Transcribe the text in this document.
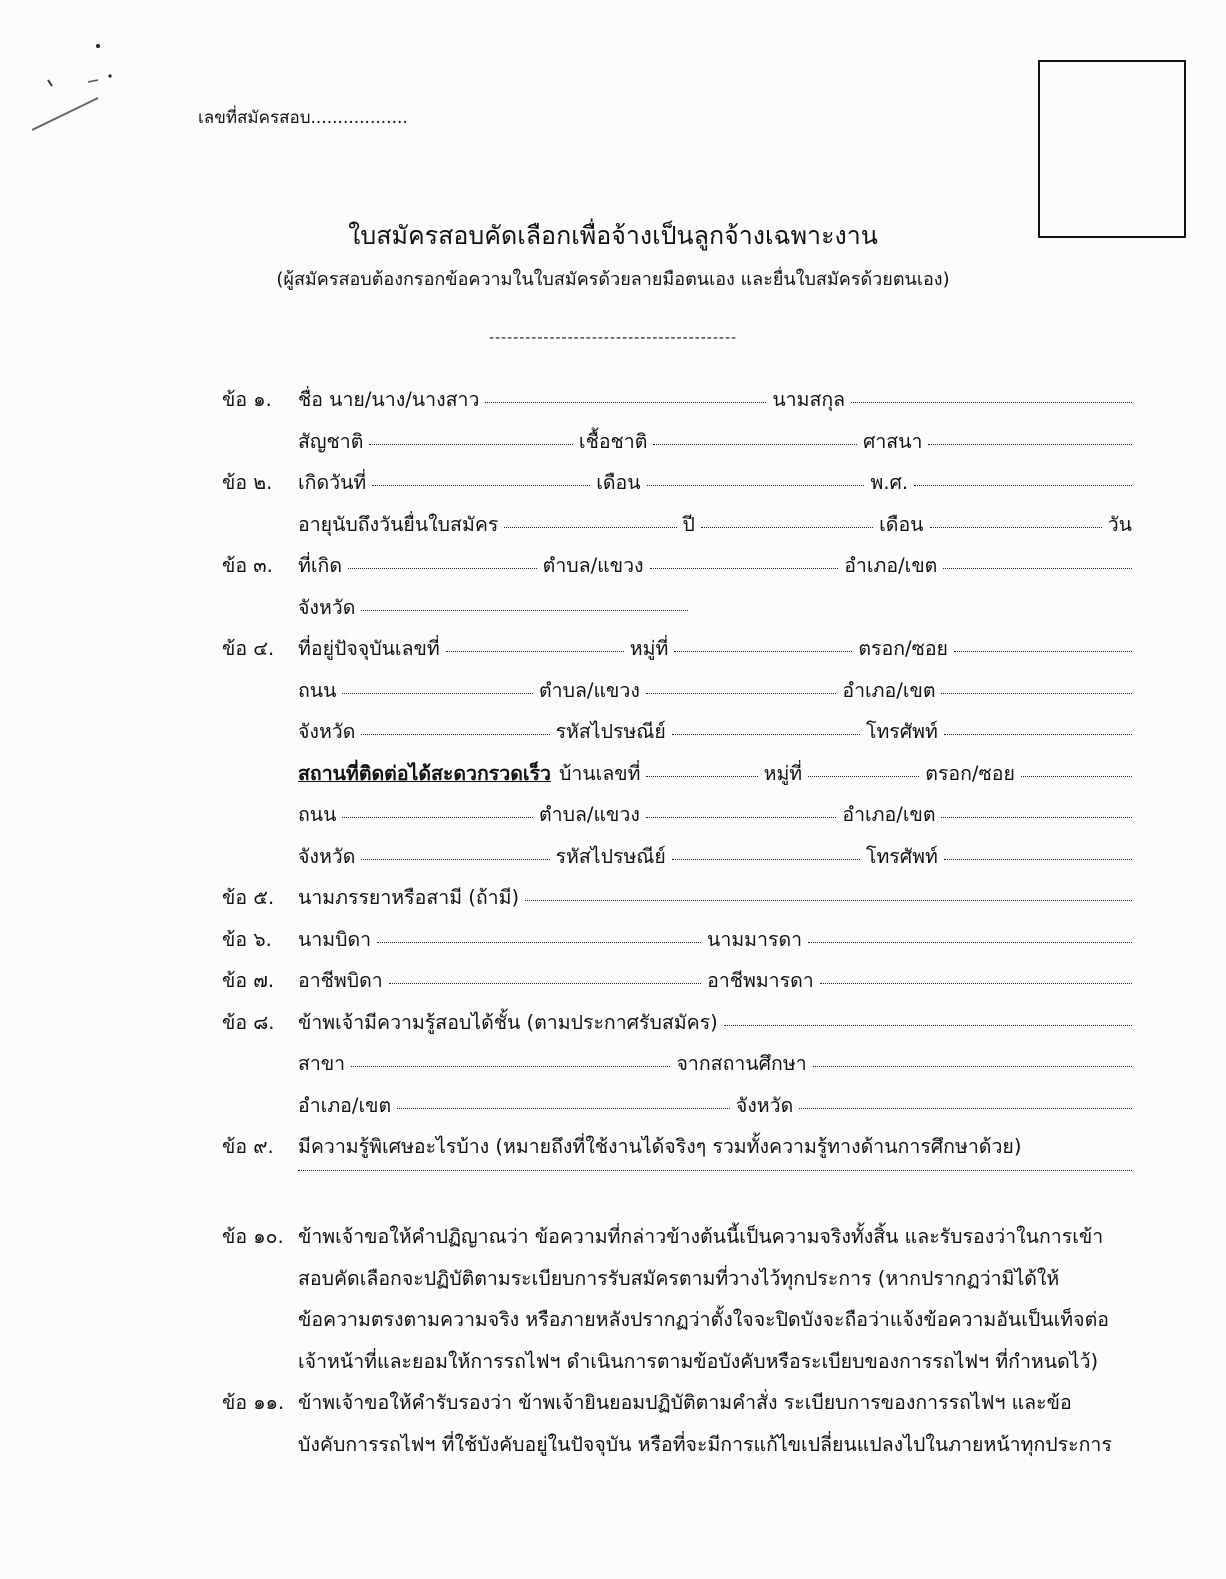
เลขที่สมัครสอบ..................
ใบสมัครสอบคัดเลือกเพื่อจ้างเป็นลูกจ้างเฉพาะงาน
(ผู้สมัครสอบต้องกรอกข้อความในใบสมัครด้วยลายมือตนเอง และยื่นใบสมัครด้วยตนเอง)
-----------------------------------------
ข้อ ๑.	ชื่อ นาย/นาง/นางสาว	นามสกุล
สัญชาติ	เชื้อชาติ	ศาสนา
ข้อ ๒.	เกิดวันที่	เดือน	พ.ศ.
อายุนับถึงวันยื่นใบสมัคร	ปี	เดือน	วัน
ข้อ ๓.	ที่เกิด	ตำบล/แขวง	อำเภอ/เขต
จังหวัด
ข้อ ๔.	ที่อยู่ปัจจุบันเลขที่	หมู่ที่	ตรอก/ซอย
ถนน	ตำบล/แขวง	อำเภอ/เขต
จังหวัด	รหัสไปรษณีย์	โทรศัพท์
สถานที่ติดต่อได้สะดวกรวดเร็ว บ้านเลขที่	หมู่ที่	ตรอก/ซอย
ถนน	ตำบล/แขวง	อำเภอ/เขต
จังหวัด	รหัสไปรษณีย์	โทรศัพท์
ข้อ ๕.	นามภรรยาหรือสามี (ถ้ามี)
ข้อ ๖.	นามบิดา	นามมารดา
ข้อ ๗.	อาชีพบิดา	อาชีพมารดา
ข้อ ๘.	ข้าพเจ้ามีความรู้สอบได้ชั้น (ตามประกาศรับสมัคร)
สาขา	จากสถานศึกษา
อำเภอ/เขต	จังหวัด
ข้อ ๙.	มีความรู้พิเศษอะไรบ้าง (หมายถึงที่ใช้งานได้จริงๆ รวมทั้งความรู้ทางด้านการศึกษาด้วย)
ข้อ ๑๐. ข้าพเจ้าขอให้คำปฏิญาณว่า ข้อความที่กล่าวข้างต้นนี้เป็นความจริงทั้งสิ้น และรับรองว่าในการเข้าสอบคัดเลือกจะปฏิบัติตามระเบียบการรับสมัครตามที่วางไว้ทุกประการ (หากปรากฏว่ามิได้ให้ข้อความตรงตามความจริง หรือภายหลังปรากฏว่าตั้งใจจะปิดบังจะถือว่าแจ้งข้อความอันเป็นเท็จต่อเจ้าหน้าที่และยอมให้การรถไฟฯ ดำเนินการตามข้อบังคับหรือระเบียบของการรถไฟฯ ที่กำหนดไว้)
ข้อ ๑๑. ข้าพเจ้าขอให้คำรับรองว่า ข้าพเจ้ายินยอมปฏิบัติตามคำสั่ง ระเบียบการของการรถไฟฯ และข้อบังคับการรถไฟฯ ที่ใช้บังคับอยู่ในปัจจุบัน หรือที่จะมีการแก้ไขเปลี่ยนแปลงไปในภายหน้าทุกประการ
